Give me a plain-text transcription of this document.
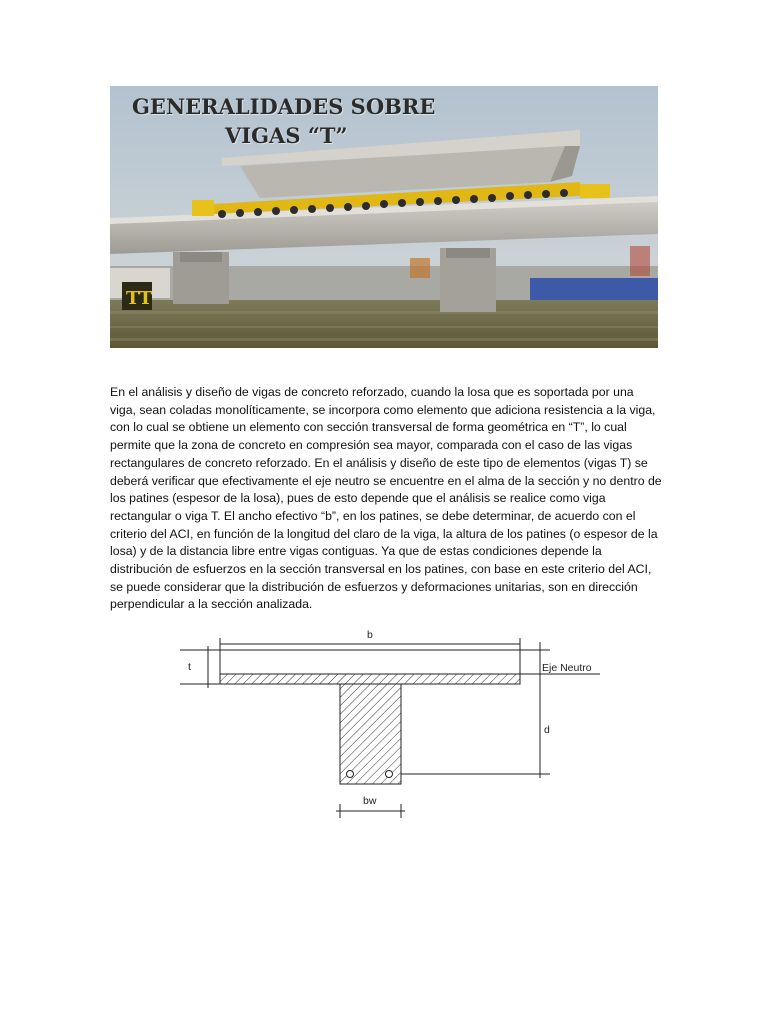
TT
GENERALIDADES SOBRE
VIGAS “T”

En el análisis y diseño de vigas de concreto reforzado, cuando la losa que es soportada por una viga, sean coladas monolíticamente, se incorpora como elemento que adiciona resistencia a la viga, con lo cual se obtiene un elemento con sección transversal de forma geométrica en “T”, lo cual permite que la zona de concreto en compresión sea mayor, comparada con el caso de las vigas rectangulares de concreto reforzado. En el análisis y diseño de este tipo de elementos (vigas T) se deberá verificar que efectivamente el eje neutro se encuentre en el alma de la sección y no dentro de los patines (espesor de la losa), pues de esto depende que el análisis se realice como viga rectangular o viga T. El ancho efectivo “b”, en los patines, se debe determinar, de acuerdo con el criterio del ACI, en función de la longitud del claro de la viga, la altura de los patines (o espesor de la losa) y de la distancia libre entre vigas contiguas. Ya que de estas condiciones depende la distribución de esfuerzos en la sección transversal en los patines, con base en este criterio del ACI, se puede considerar que la distribución de esfuerzos y deformaciones unitarias, son en dirección perpendicular a la sección analizada.

b
t	Eje Neutro
d
bw
